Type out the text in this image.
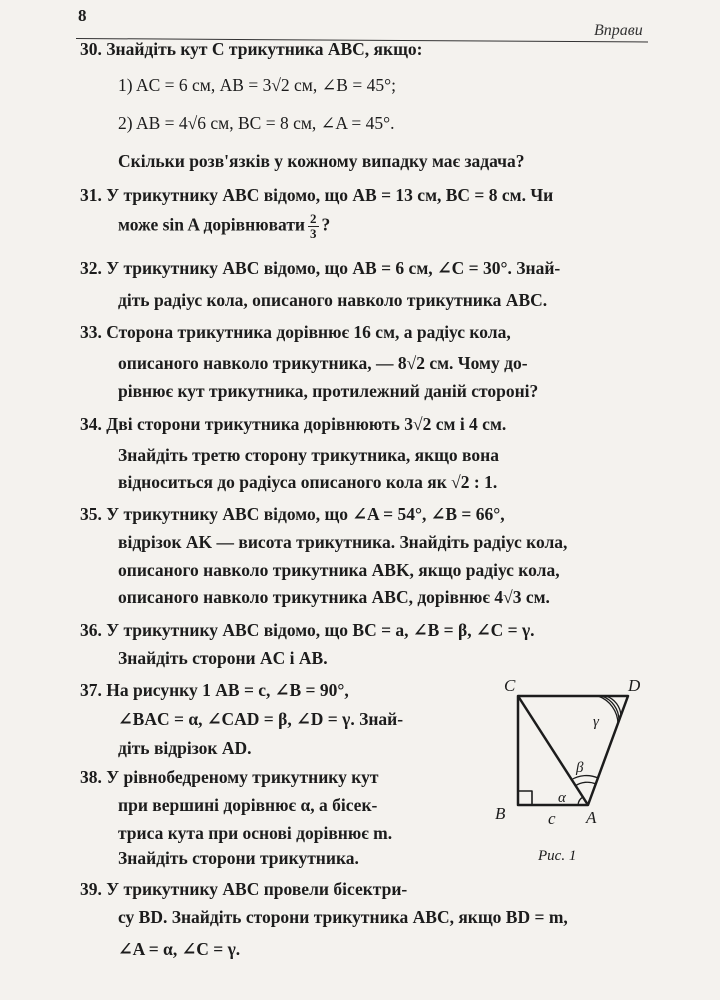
8
Вправи
30. Знайдіть кут C трикутника ABC, якщо:
1) AC = 6 см, AB = 3√2 см, ∠B = 45°;
2) AB = 4√6 см, BC = 8 см, ∠A = 45°.
Скільки розв'язків у кожному випадку має задача?
31. У трикутнику ABC відомо, що AB = 13 см, BC = 8 см. Чи
може sin A дорівнювати $\frac{2}{3}$ ?
32. У трикутнику ABC відомо, що AB = 6 см, ∠C = 30°. Знай-
діть радіус кола, описаного навколо трикутника ABC.
33. Сторона трикутника дорівнює 16 см, а радіус кола,
описаного навколо трикутника, — 8√2 см. Чому до-
рівнює кут трикутника, протилежний даній стороні?
34. Дві сторони трикутника дорівнюють 3√2 см і 4 см.
Знайдіть третю сторону трикутника, якщо вона
відноситься до радіуса описаного кола як √2 : 1.
35. У трикутнику ABC відомо, що ∠A = 54°, ∠B = 66°,
відрізок AK — висота трикутника. Знайдіть радіус кола,
описаного навколо трикутника ABK, якщо радіус кола,
описаного навколо трикутника ABC, дорівнює 4√3 см.
36. У трикутнику ABC відомо, що BC = a, ∠B = β, ∠C = γ.
Знайдіть сторони AC і AB.
37. На рисунку 1 AB = c, ∠B = 90°,
∠BAC = α, ∠CAD = β, ∠D = γ. Знай-
діть відрізок AD.
38. У рівнобедреному трикутнику кут
при вершині дорівнює α, а бісек-
триса кута при основі дорівнює m.
Знайдіть сторони трикутника.
39. У трикутнику ABC провели бісектри-
су BD. Знайдіть сторони трикутника ABC, якщо BD = m,
∠A = α, ∠C = γ.
C	D
B	A
c
α
β
γ
Рис. 1
